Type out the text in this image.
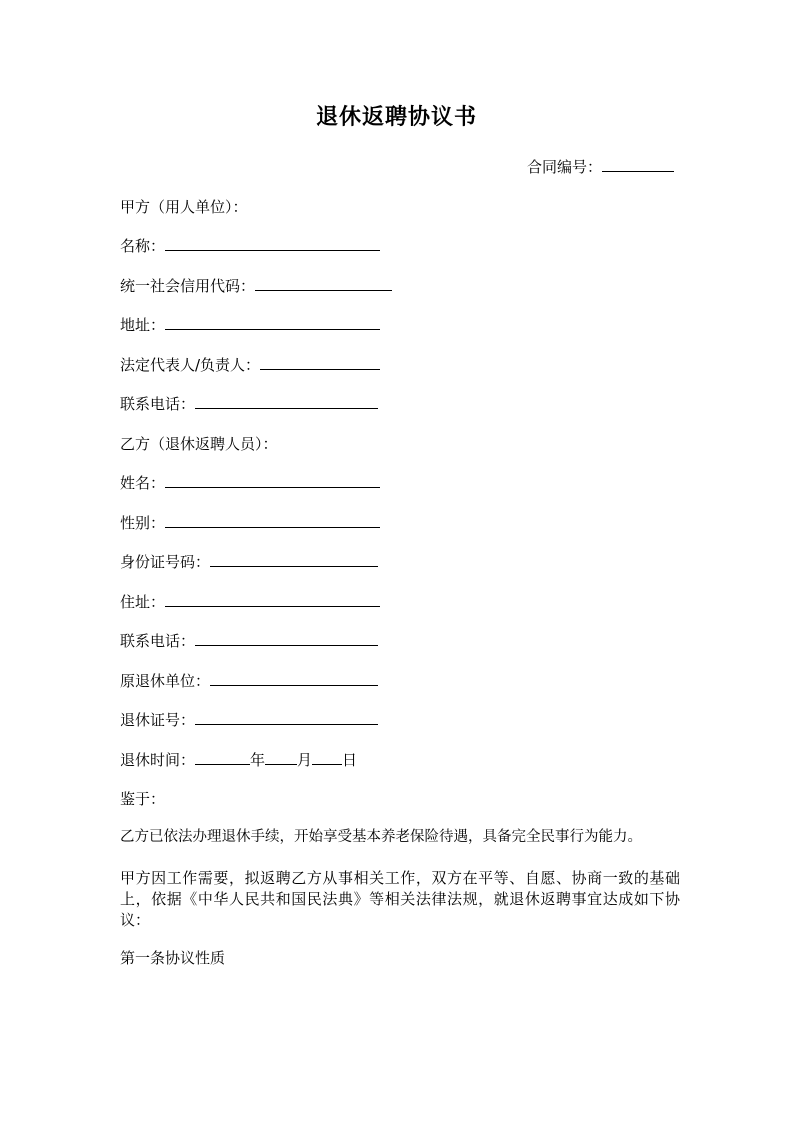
退休返聘协议书
合同编号：
甲方（用人单位）：
名称：
统一社会信用代码：
地址：
法定代表人/负责人：
联系电话：
乙方（退休返聘人员）：
姓名：
性别：
身份证号码：
住址：
联系电话：
原退休单位：
退休证号：
退休时间：	年 月 日
鉴于：
乙方已依法办理退休手续，开始享受基本养老保险待遇，具备完全民事行为能力。
甲方因工作需要，拟返聘乙方从事相关工作，双方在平等、自愿、协商一致的基础上，依据《中华人民共和国民法典》等相关法律法规，就退休返聘事宜达成如下协议：
第一条协议性质
